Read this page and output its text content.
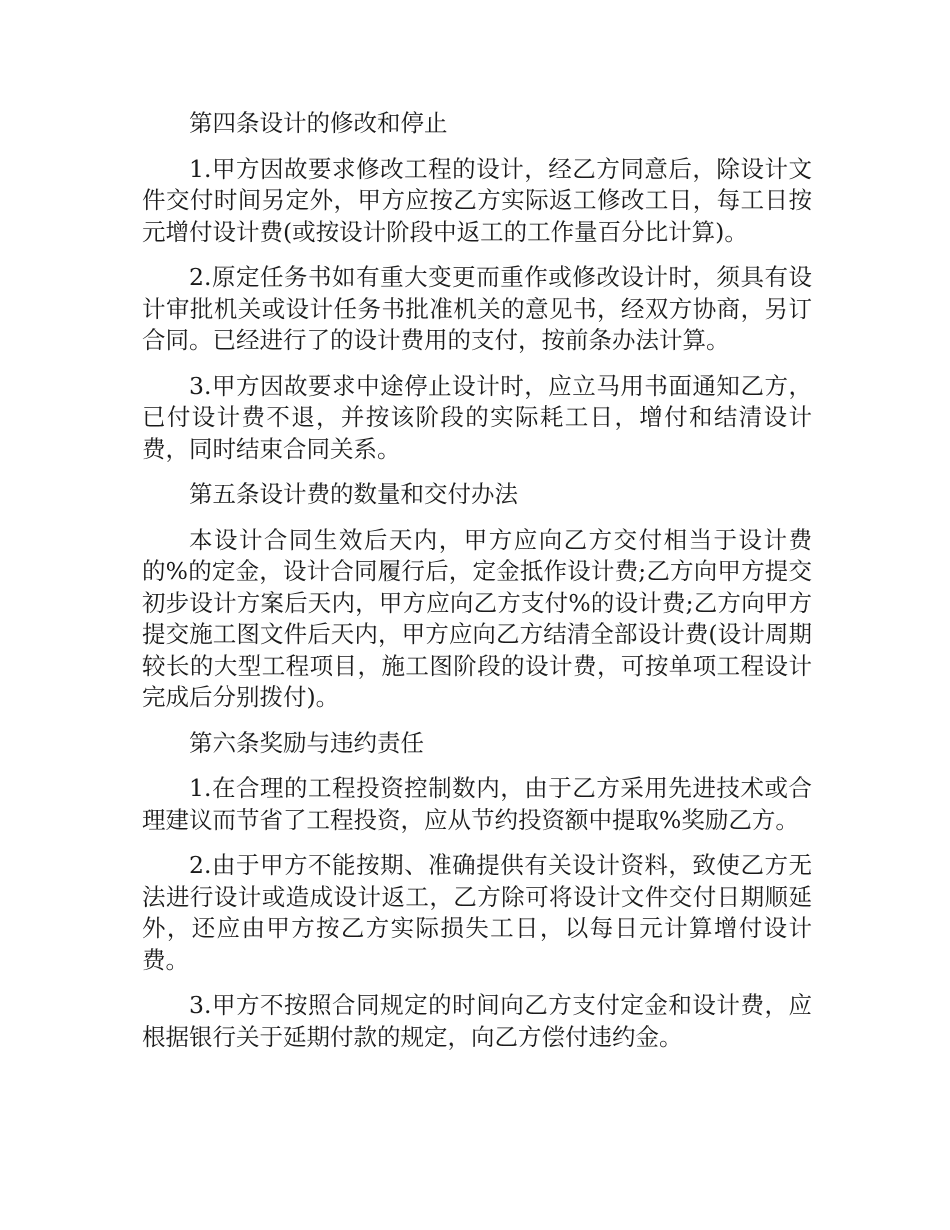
第四条设计的修改和停止

1.甲方因故要求修改工程的设计，经乙方同意后，除设计文件交付时间另定外，甲方应按乙方实际返工修改工日，每工日按元增付设计费(或按设计阶段中返工的工作量百分比计算)。

2.原定任务书如有重大变更而重作或修改设计时，须具有设计审批机关或设计任务书批准机关的意见书，经双方协商，另订合同。已经进行了的设计费用的支付，按前条办法计算。

3.甲方因故要求中途停止设计时，应立马用书面通知乙方，已付设计费不退，并按该阶段的实际耗工日，增付和结清设计费，同时结束合同关系。

第五条设计费的数量和交付办法

本设计合同生效后天内，甲方应向乙方交付相当于设计费的%的定金，设计合同履行后，定金抵作设计费;乙方向甲方提交初步设计方案后天内，甲方应向乙方支付%的设计费;乙方向甲方提交施工图文件后天内，甲方应向乙方结清全部设计费(设计周期较长的大型工程项目，施工图阶段的设计费，可按单项工程设计完成后分别拨付)。

第六条奖励与违约责任

1.在合理的工程投资控制数内，由于乙方采用先进技术或合理建议而节省了工程投资，应从节约投资额中提取%奖励乙方。

2.由于甲方不能按期、准确提供有关设计资料，致使乙方无法进行设计或造成设计返工，乙方除可将设计文件交付日期顺延外，还应由甲方按乙方实际损失工日，以每日元计算增付设计费。

3.甲方不按照合同规定的时间向乙方支付定金和设计费，应根据银行关于延期付款的规定，向乙方偿付违约金。
